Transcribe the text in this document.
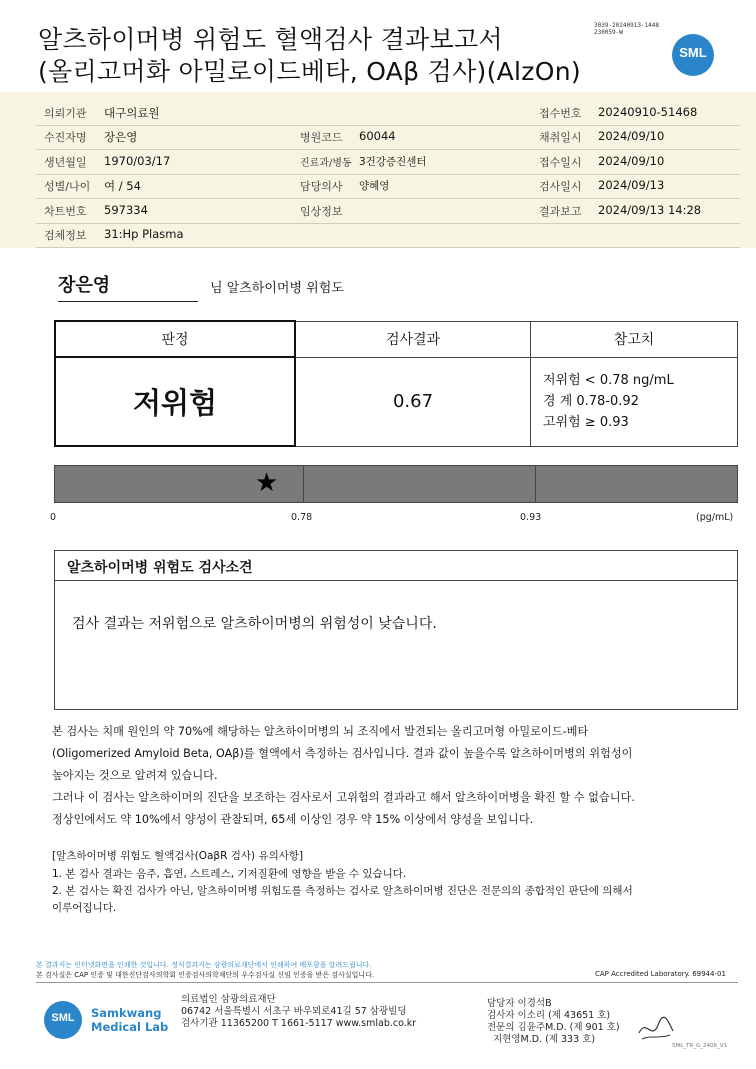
알츠하이머병 위험도 혈액검사 결과보고서
(올리고머화 아밀로이드베타, OAβ 검사)(AlzOn)
3039-20240913-1448
230059-W
SML
의뢰기관 대구의료원	접수번호 20240910-51468
수진자명 장은영	병원코드 60044	채취일시 2024/09/10
생년월일 1970/03/17	진료과/병동 3건강증진센터	접수일시 2024/09/10
성별/나이 여 / 54	담당의사 양혜영	검사일시 2024/09/13
차트번호 597334	임상정보	결과보고 2024/09/13 14:28
검체정보 31:Hp Plasma
장은영	님 알츠하이머병 위험도
판정	검사결과	참고치
저위험	0.67	저위험 < 0.78 ng/mL
경 계 0.78-0.92
고위험 ≥ 0.93
★
0	0.78	0.93	(pg/mL)
알츠하이머병 위험도 검사소견
검사 결과는 저위험으로 알츠하이머병의 위험성이 낮습니다.
본 검사는 치매 원인의 약 70%에 해당하는 알츠하이머병의 뇌 조직에서 발견되는 올리고머형 아밀로이드-베타
(Oligomerized Amyloid Beta, OAβ)를 혈액에서 측정하는 검사입니다. 결과 값이 높을수록 알츠하이머병의 위험성이
높아지는 것으로 알려져 있습니다.
그러나 이 검사는 알츠하이머의 진단을 보조하는 검사로서 고위험의 결과라고 해서 알츠하이머병을 확진 할 수 없습니다.
정상인에서도 약 10%에서 양성이 관찰되며, 65세 이상인 경우 약 15% 이상에서 양성을 보입니다.
[알츠하이머병 위험도 혈액검사(OaβR 검사) 유의사항]
1. 본 검사 결과는 음주, 흡연, 스트레스, 기저질환에 영향을 받을 수 있습니다.
2. 본 검사는 확진 검사가 아닌, 알츠하이머병 위험도를 측정하는 검사로 알츠하이머병 진단은 전문의의 종합적인 판단에 의해서
이루어집니다.
본 결과지는 인터넷화면을 인쇄한 것입니다. 정식결과지는 삼광의료재단에서 인쇄하여 배포함을 알려드립니다.
본 검사실은 CAP 인증 및 대한진단검사의학회 인증검사의학재단의 우수검사실 신임 인증을 받은 검사실입니다.	CAP Accredited Laboratory. 69944-01
SML	Samkwang
Medical Lab
의료법인 삼광의료재단
06742 서울특별시 서초구 바우뫼로41길 57 삼광빌딩
검사기관 11365200 T 1661-5117 www.smlab.co.kr
담당자 이경석B
검사자 이소리 (제 43651 호)
전문의 김윤주M.D. (제 901 호)
지현영M.D. (제 333 호)
SML_TR_G_2408_V1
